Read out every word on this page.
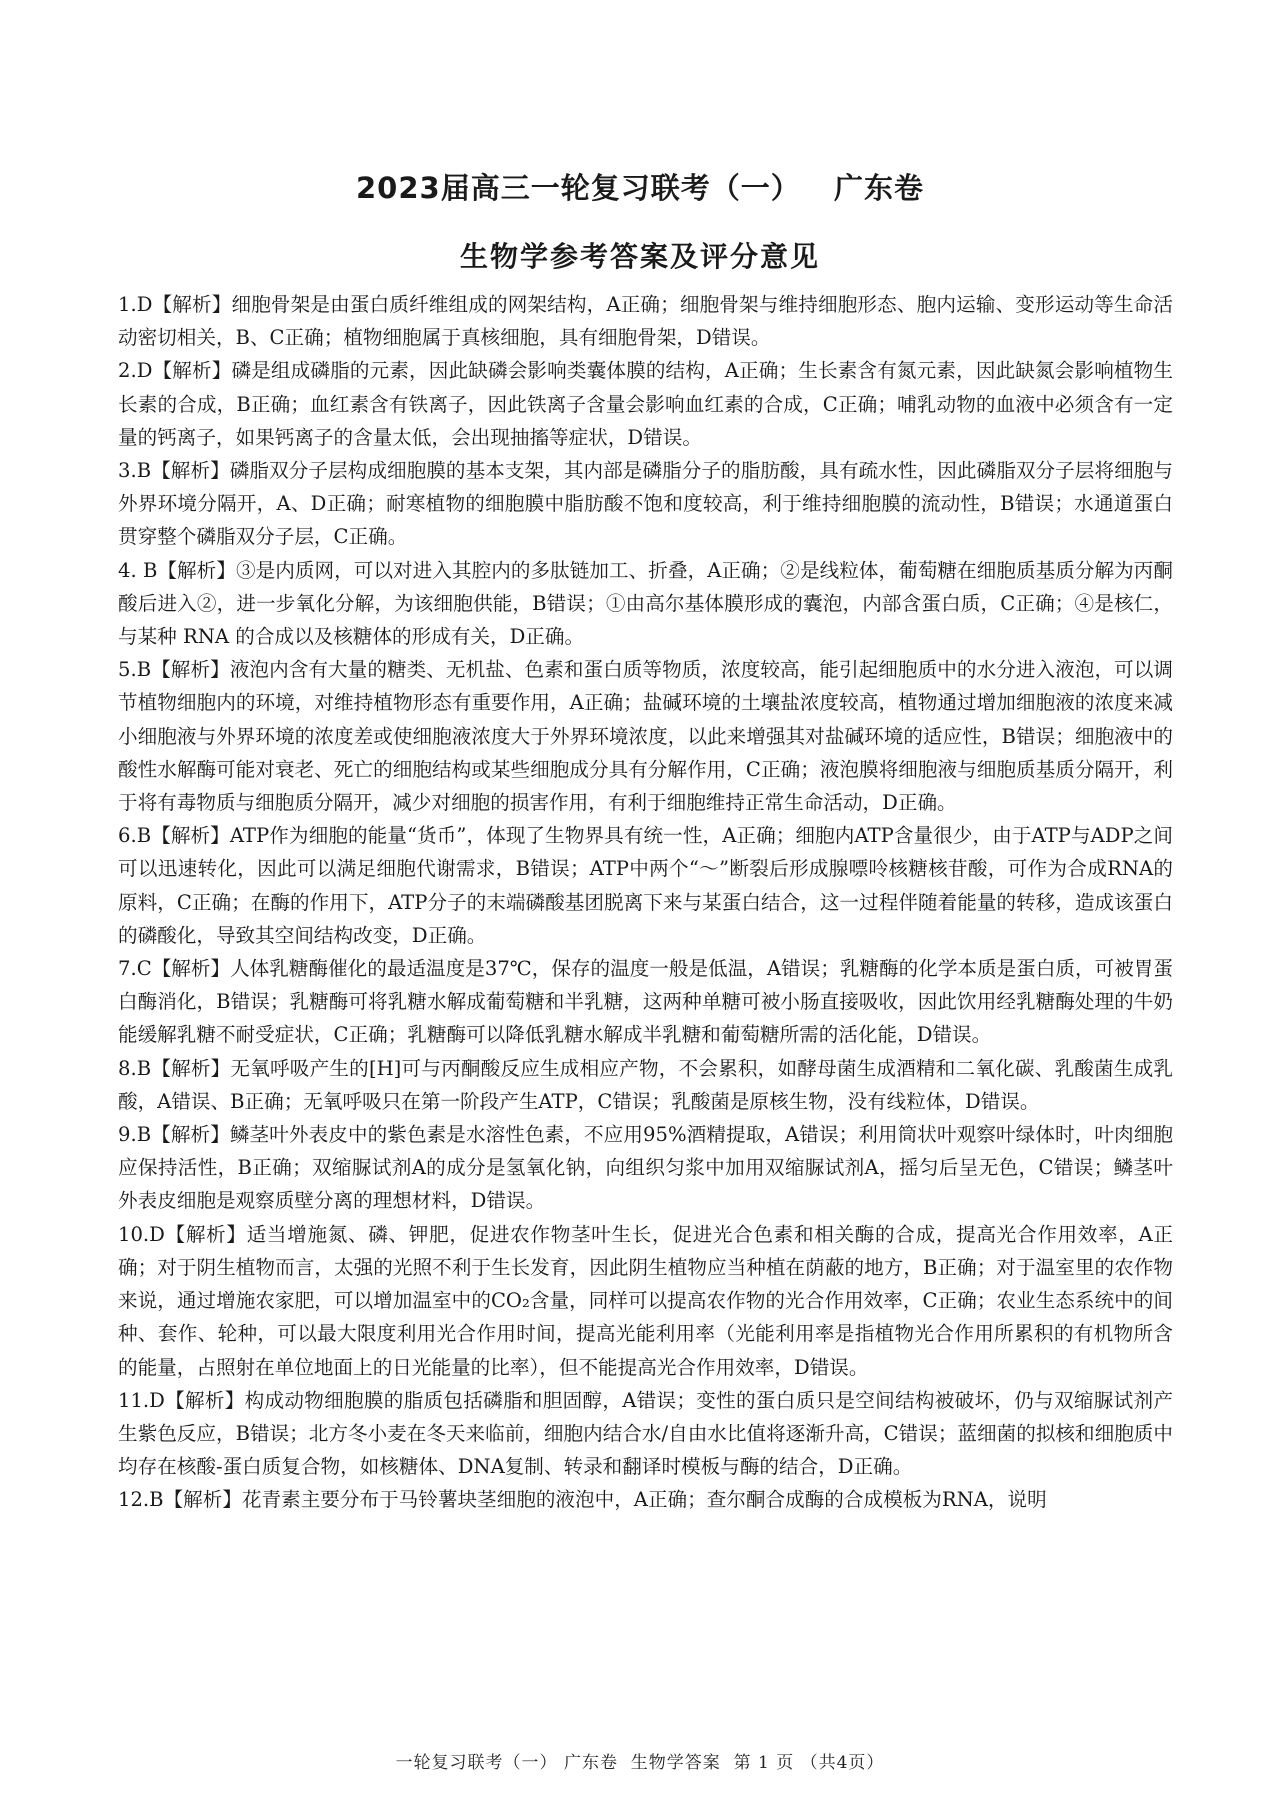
2023届高三一轮复习联考（一）   广东卷
生物学参考答案及评分意见

1.D【解析】细胞骨架是由蛋白质纤维组成的网架结构，A正确；细胞骨架与维持细胞形态、胞内运输、变形运动等生命活动密切相关，B、C正确；植物细胞属于真核细胞，具有细胞骨架，D错误。

2.D【解析】磷是组成磷脂的元素，因此缺磷会影响类囊体膜的结构，A正确；生长素含有氮元素，因此缺氮会影响植物生长素的合成，B正确；血红素含有铁离子，因此铁离子含量会影响血红素的合成，C正确；哺乳动物的血液中必须含有一定量的钙离子，如果钙离子的含量太低，会出现抽搐等症状，D错误。

3.B【解析】磷脂双分子层构成细胞膜的基本支架，其内部是磷脂分子的脂肪酸，具有疏水性，因此磷脂双分子层将细胞与外界环境分隔开，A、D正确；耐寒植物的细胞膜中脂肪酸不饱和度较高，利于维持细胞膜的流动性，B错误；水通道蛋白贯穿整个磷脂双分子层，C正确。

4. B【解析】③是内质网，可以对进入其腔内的多肽链加工、折叠，A正确；②是线粒体，葡萄糖在细胞质基质分解为丙酮酸后进入②，进一步氧化分解，为该细胞供能，B错误；①由高尔基体膜形成的囊泡，内部含蛋白质，C正确；④是核仁，与某种 RNA 的合成以及核糖体的形成有关，D正确。

5.B【解析】液泡内含有大量的糖类、无机盐、色素和蛋白质等物质，浓度较高，能引起细胞质中的水分进入液泡，可以调节植物细胞内的环境，对维持植物形态有重要作用，A正确；盐碱环境的土壤盐浓度较高，植物通过增加细胞液的浓度来减小细胞液与外界环境的浓度差或使细胞液浓度大于外界环境浓度，以此来增强其对盐碱环境的适应性，B错误；细胞液中的酸性水解酶可能对衰老、死亡的细胞结构或某些细胞成分具有分解作用，C正确；液泡膜将细胞液与细胞质基质分隔开，利于将有毒物质与细胞质分隔开，减少对细胞的损害作用，有利于细胞维持正常生命活动，D正确。

6.B【解析】ATP作为细胞的能量“货币”，体现了生物界具有统一性，A正确；细胞内ATP含量很少，由于ATP与ADP之间可以迅速转化，因此可以满足细胞代谢需求，B错误；ATP中两个“～”断裂后形成腺嘌呤核糖核苷酸，可作为合成RNA的原料，C正确；在酶的作用下，ATP分子的末端磷酸基团脱离下来与某蛋白结合，这一过程伴随着能量的转移，造成该蛋白的磷酸化，导致其空间结构改变，D正确。

7.C【解析】人体乳糖酶催化的最适温度是37℃，保存的温度一般是低温，A错误；乳糖酶的化学本质是蛋白质，可被胃蛋白酶消化，B错误；乳糖酶可将乳糖水解成葡萄糖和半乳糖，这两种单糖可被小肠直接吸收，因此饮用经乳糖酶处理的牛奶能缓解乳糖不耐受症状，C正确；乳糖酶可以降低乳糖水解成半乳糖和葡萄糖所需的活化能，D错误。

8.B【解析】无氧呼吸产生的[H]可与丙酮酸反应生成相应产物，不会累积，如酵母菌生成酒精和二氧化碳、乳酸菌生成乳酸，A错误、B正确；无氧呼吸只在第一阶段产生ATP，C错误；乳酸菌是原核生物，没有线粒体，D错误。

9.B【解析】鳞茎叶外表皮中的紫色素是水溶性色素，不应用95%酒精提取，A错误；利用筒状叶观察叶绿体时，叶肉细胞应保持活性，B正确；双缩脲试剂A的成分是氢氧化钠，向组织匀浆中加用双缩脲试剂A，摇匀后呈无色，C错误；鳞茎叶外表皮细胞是观察质壁分离的理想材料，D错误。

10.D【解析】适当增施氮、磷、钾肥，促进农作物茎叶生长，促进光合色素和相关酶的合成，提高光合作用效率，A正确；对于阴生植物而言，太强的光照不利于生长发育，因此阴生植物应当种植在荫蔽的地方，B正确；对于温室里的农作物来说，通过增施农家肥，可以增加温室中的CO₂含量，同样可以提高农作物的光合作用效率，C正确；农业生态系统中的间种、套作、轮种，可以最大限度利用光合作用时间，提高光能利用率（光能利用率是指植物光合作用所累积的有机物所含的能量，占照射在单位地面上的日光能量的比率），但不能提高光合作用效率，D错误。

11.D【解析】构成动物细胞膜的脂质包括磷脂和胆固醇，A错误；变性的蛋白质只是空间结构被破坏，仍与双缩脲试剂产生紫色反应，B错误；北方冬小麦在冬天来临前，细胞内结合水/自由水比值将逐渐升高，C错误；蓝细菌的拟核和细胞质中均存在核酸-蛋白质复合物，如核糖体、DNA复制、转录和翻译时模板与酶的结合，D正确。

12.B【解析】花青素主要分布于马铃薯块茎细胞的液泡中，A正确；查尔酮合成酶的合成模板为RNA，说明

一轮复习联考（一） 广东卷  生物学答案  第 1 页 （共4页）
